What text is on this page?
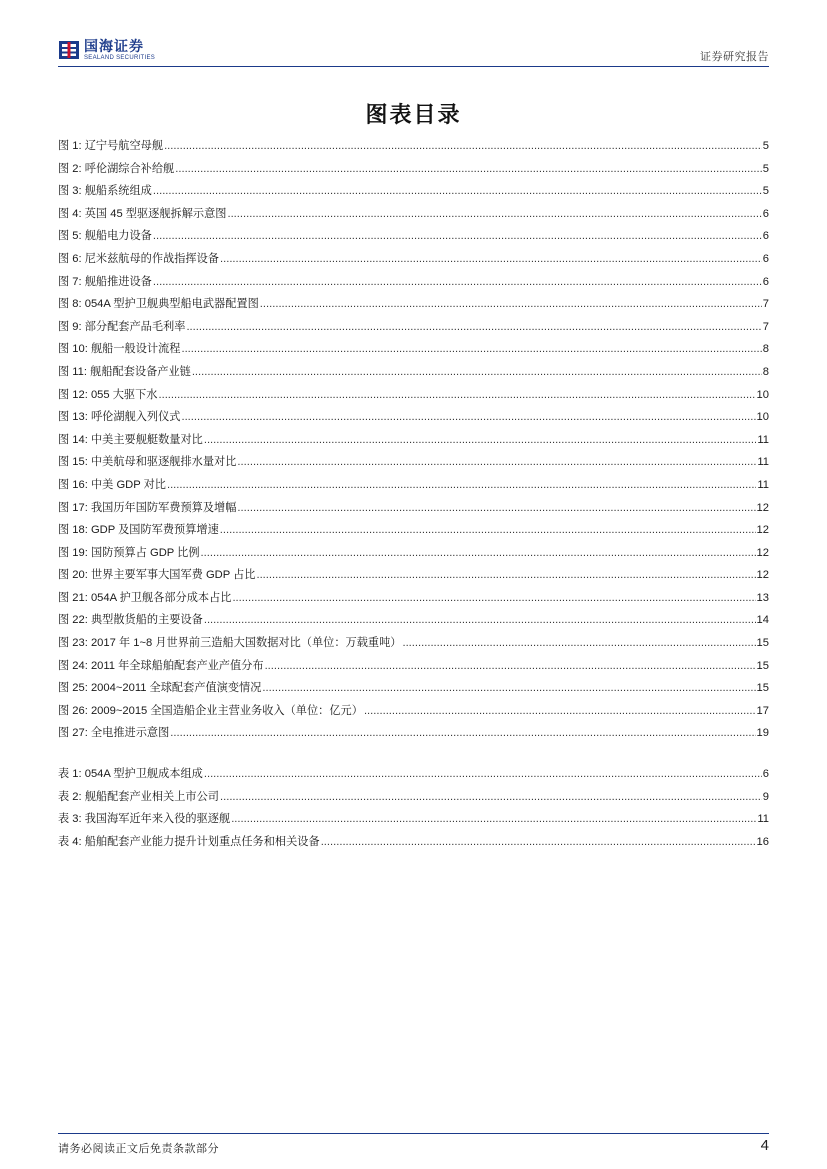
国海证券
SEALAND SECURITIES	证券研究报告
图表目录
图 1: 辽宁号航空母舰 .....	5
图 2: 呼伦湖综合补给舰 .....	5
图 3: 舰船系统组成 .....	5
图 4: 英国 45 型驱逐舰拆解示意图 .....	6
图 5: 舰船电力设备 .....	6
图 6: 尼米兹航母的作战指挥设备 .....	6
图 7: 舰船推进设备 .....	6
图 8: 054A 型护卫舰典型船电武器配置图 .....	7
图 9: 部分配套产品毛利率 .....	7
图 10: 舰船一般设计流程 .....	8
图 11: 舰船配套设备产业链 .....	8
图 12: 055 大驱下水 .....	10
图 13: 呼伦湖舰入列仪式 .....	10
图 14: 中美主要舰艇数量对比 .....	11
图 15: 中美航母和驱逐舰排水量对比 .....	11
图 16: 中美 GDP 对比 .....	11
图 17: 我国历年国防军费预算及增幅 .....	12
图 18: GDP 及国防军费预算增速 .....	12
图 19: 国防预算占 GDP 比例 .....	12
图 20: 世界主要军事大国军费 GDP 占比 .....	12
图 21: 054A 护卫舰各部分成本占比 .....	13
图 22: 典型散货船的主要设备 .....	14
图 23: 2017 年 1~8 月世界前三造船大国数据对比（单位：万载重吨） .....	15
图 24: 2011 年全球船舶配套产业产值分布 .....	15
图 25: 2004~2011 全球配套产值演变情况 .....	15
图 26: 2009~2015 全国造船企业主营业务收入（单位：亿元） .....	17
图 27: 全电推进示意图 .....	19
表 1: 054A 型护卫舰成本组成 .....	6
表 2: 舰船配套产业相关上市公司 .....	9
表 3: 我国海军近年来入役的驱逐舰 .....	11
表 4: 船舶配套产业能力提升计划重点任务和相关设备 .....	16
请务必阅读正文后免责条款部分	4
